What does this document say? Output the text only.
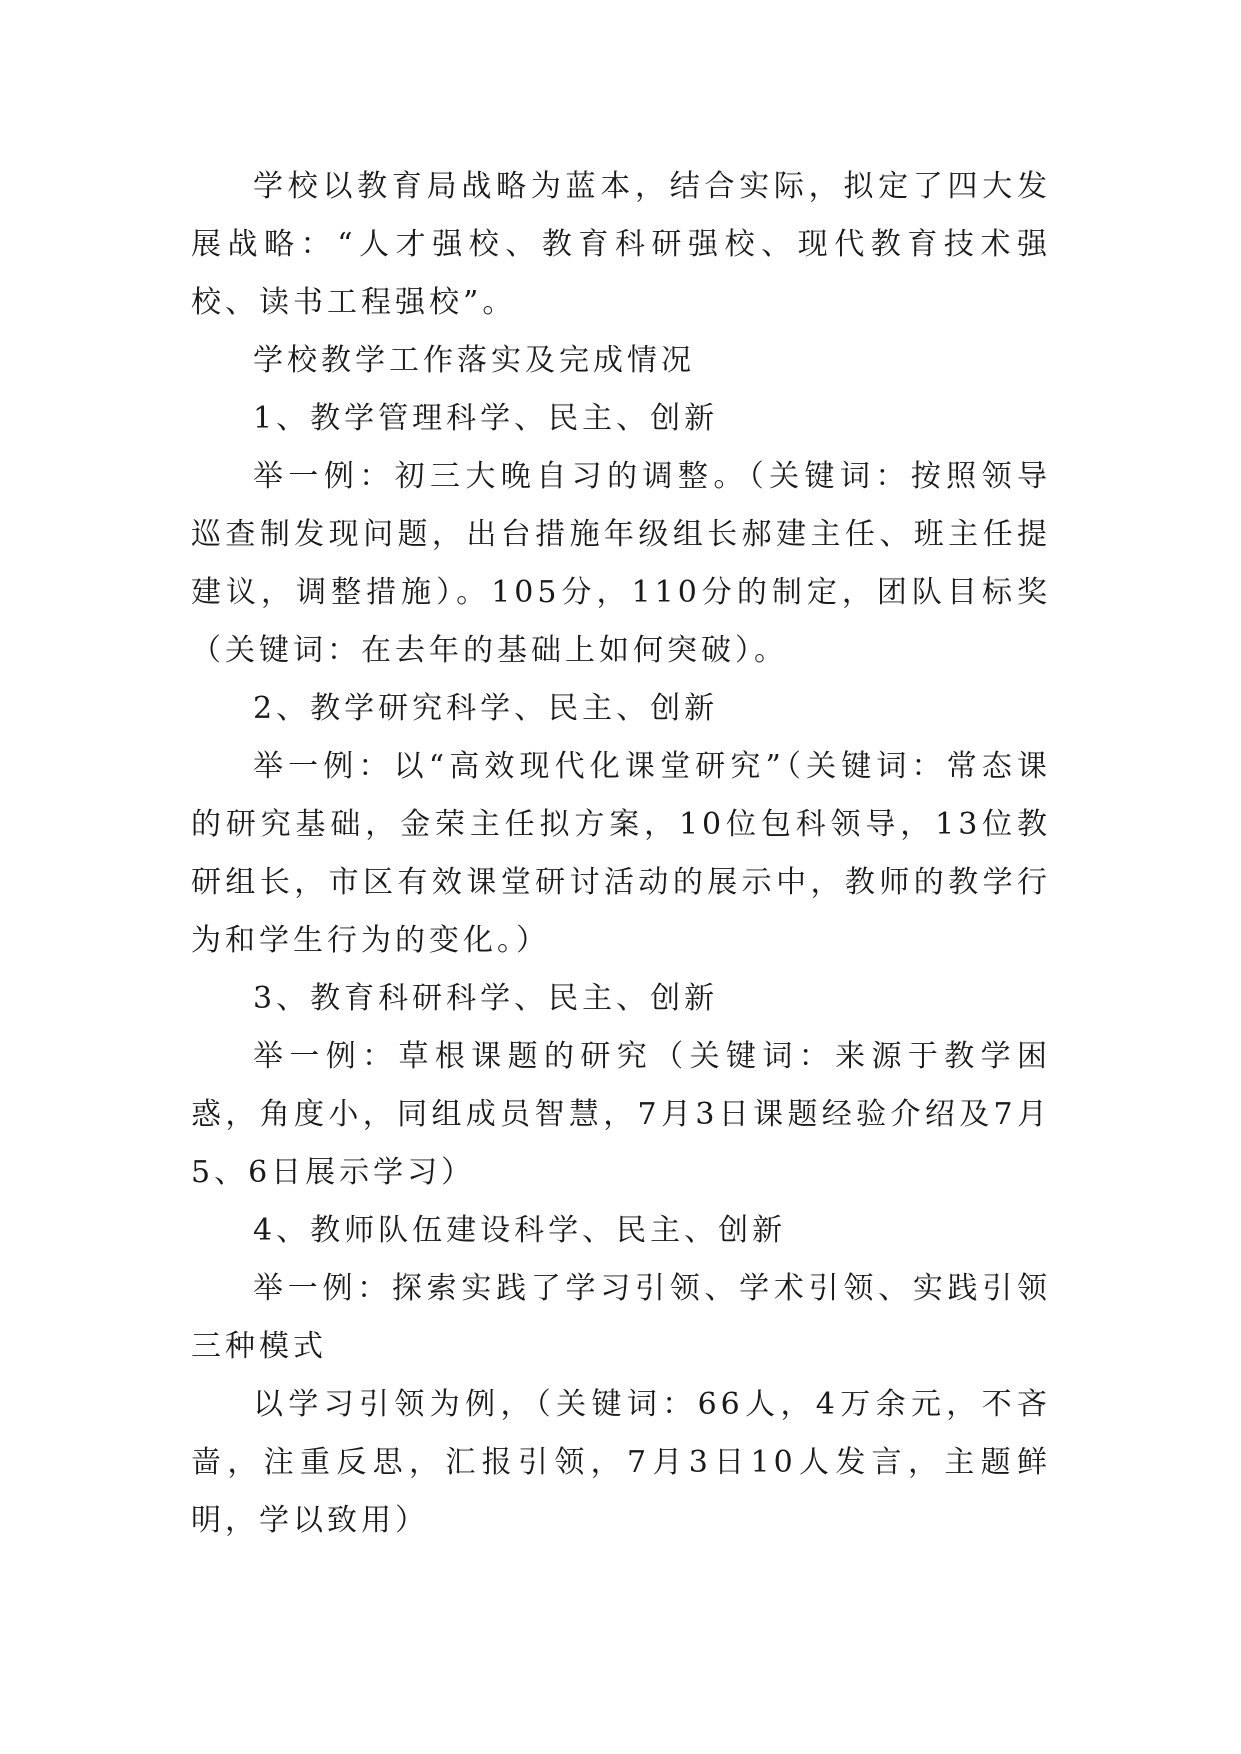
学校以教育局战略为蓝本，结合实际，拟定了四大发展战略：“人才强校、教育科研强校、现代教育技术强校、读书工程强校”。

学校教学工作落实及完成情况

1、教学管理科学、民主、创新

举一例：初三大晚自习的调整。（关键词：按照领导巡查制发现问题，出台措施年级组长郝建主任、班主任提建议，调整措施）。105分，110分的制定，团队目标奖（关键词：在去年的基础上如何突破）。

2、教学研究科学、民主、创新

举一例：以“高效现代化课堂研究”（关键词：常态课的研究基础，金荣主任拟方案，10位包科领导，13位教研组长，市区有效课堂研讨活动的展示中，教师的教学行为和学生行为的变化。）

3、教育科研科学、民主、创新

举一例：草根课题的研究（关键词：来源于教学困惑，角度小，同组成员智慧，7月3日课题经验介绍及7月5、6日展示学习）

4、教师队伍建设科学、民主、创新

举一例：探索实践了学习引领、学术引领、实践引领三种模式

以学习引领为例，（关键词：66人，4万余元，不吝啬，注重反思，汇报引领，7月3日10人发言，主题鲜明，学以致用）
